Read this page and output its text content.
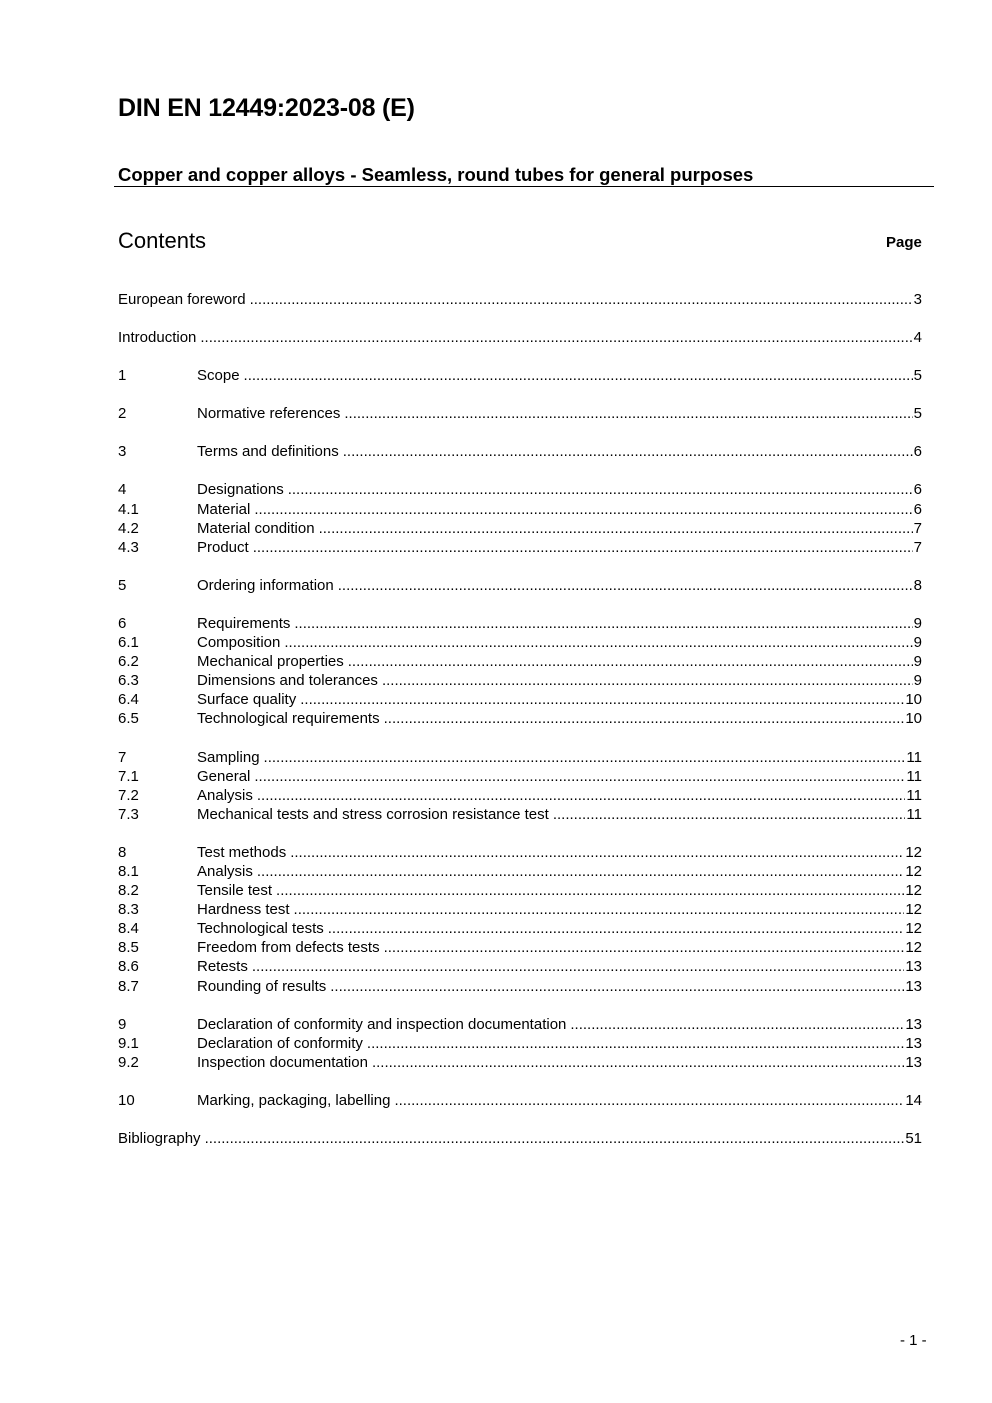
DIN EN 12449:2023-08 (E)
Copper and copper alloys - Seamless, round tubes for general purposes
Contents	Page
European foreword .....	3
Introduction .....	4
1	Scope .....	5
2	Normative references .....	5
3	Terms and definitions .....	6
4	Designations .....	6
4.1	Material .....	6
4.2	Material condition .....	7
4.3	Product .....	7
5	Ordering information .....	8
6	Requirements .....	9
6.1	Composition .....	9
6.2	Mechanical properties .....	9
6.3	Dimensions and tolerances .....	9
6.4	Surface quality .....	10
6.5	Technological requirements .....	10
7	Sampling .....	11
7.1	General .....	11
7.2	Analysis .....	11
7.3	Mechanical tests and stress corrosion resistance test .....	11
8	Test methods .....	12
8.1	Analysis .....	12
8.2	Tensile test .....	12
8.3	Hardness test .....	12
8.4	Technological tests .....	12
8.5	Freedom from defects tests .....	12
8.6	Retests .....	13
8.7	Rounding of results .....	13
9	Declaration of conformity and inspection documentation .....	13
9.1	Declaration of conformity .....	13
9.2	Inspection documentation .....	13
10	Marking, packaging, labelling .....	14
Bibliography .....	51
- 1 -
